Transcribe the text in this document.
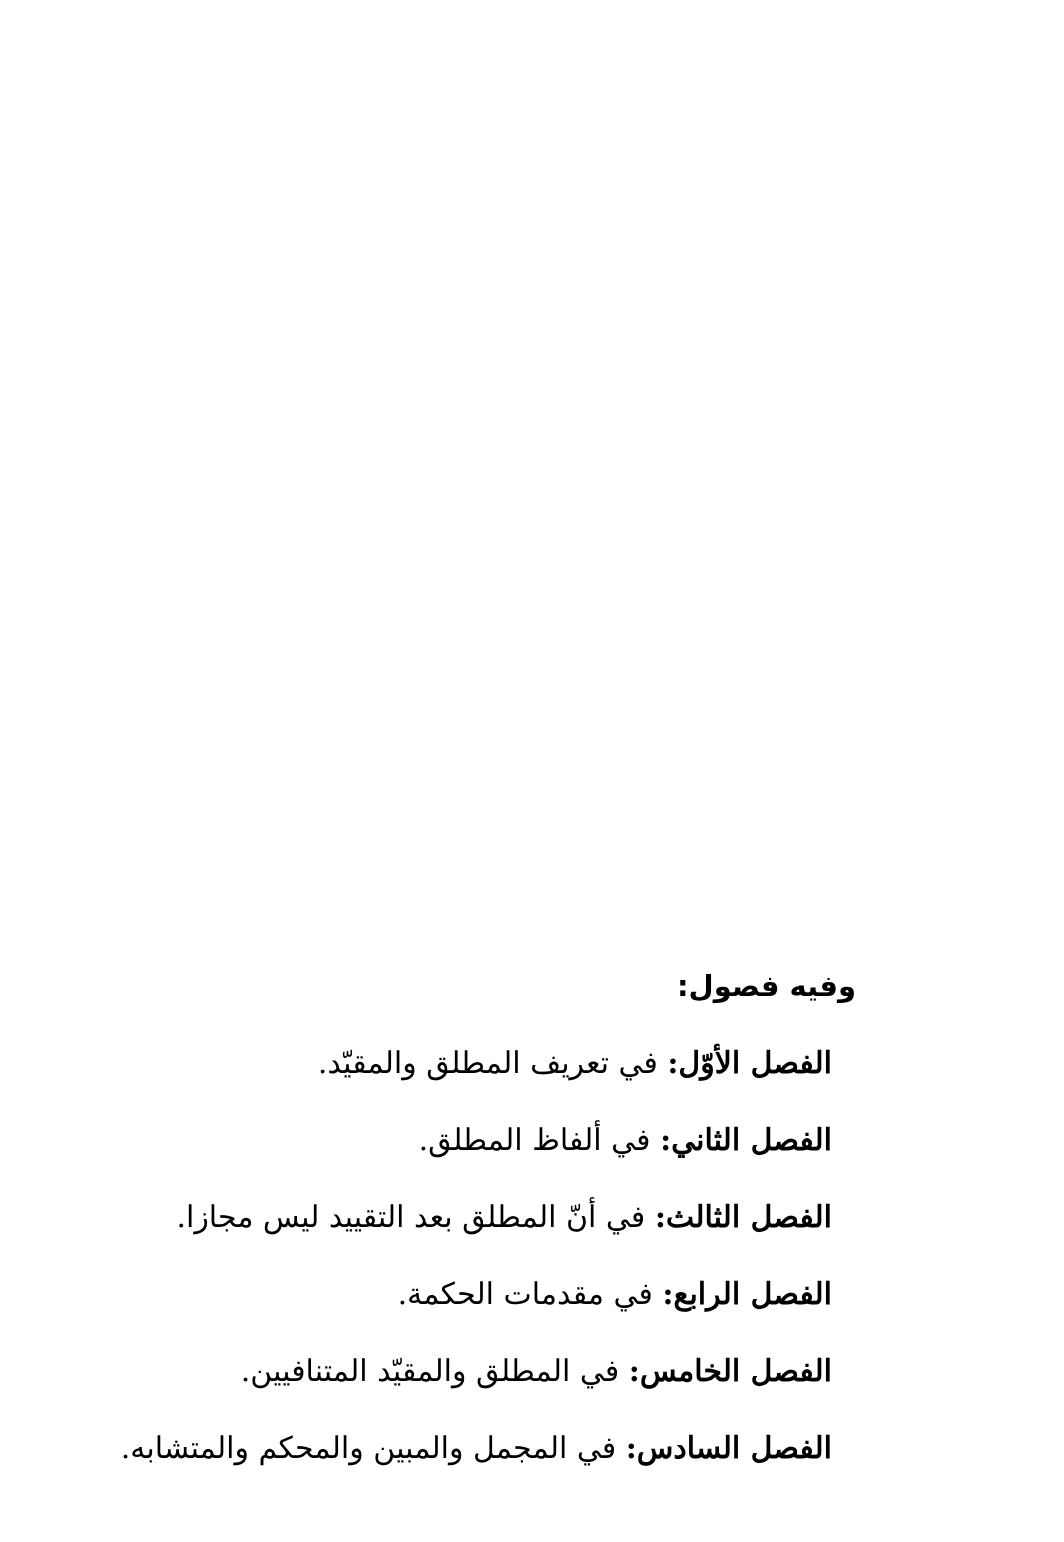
وفيه فصول:
الفصل الأوّل: في تعريف المطلق والمقيّد.
الفصل الثاني: في ألفاظ المطلق.
الفصل الثالث: في أنّ المطلق بعد التقييد ليس مجازا.
الفصل الرابع: في مقدمات الحكمة.
الفصل الخامس: في المطلق والمقيّد المتنافيين.
الفصل السادس: في المجمل والمبين والمحكم والمتشابه.
